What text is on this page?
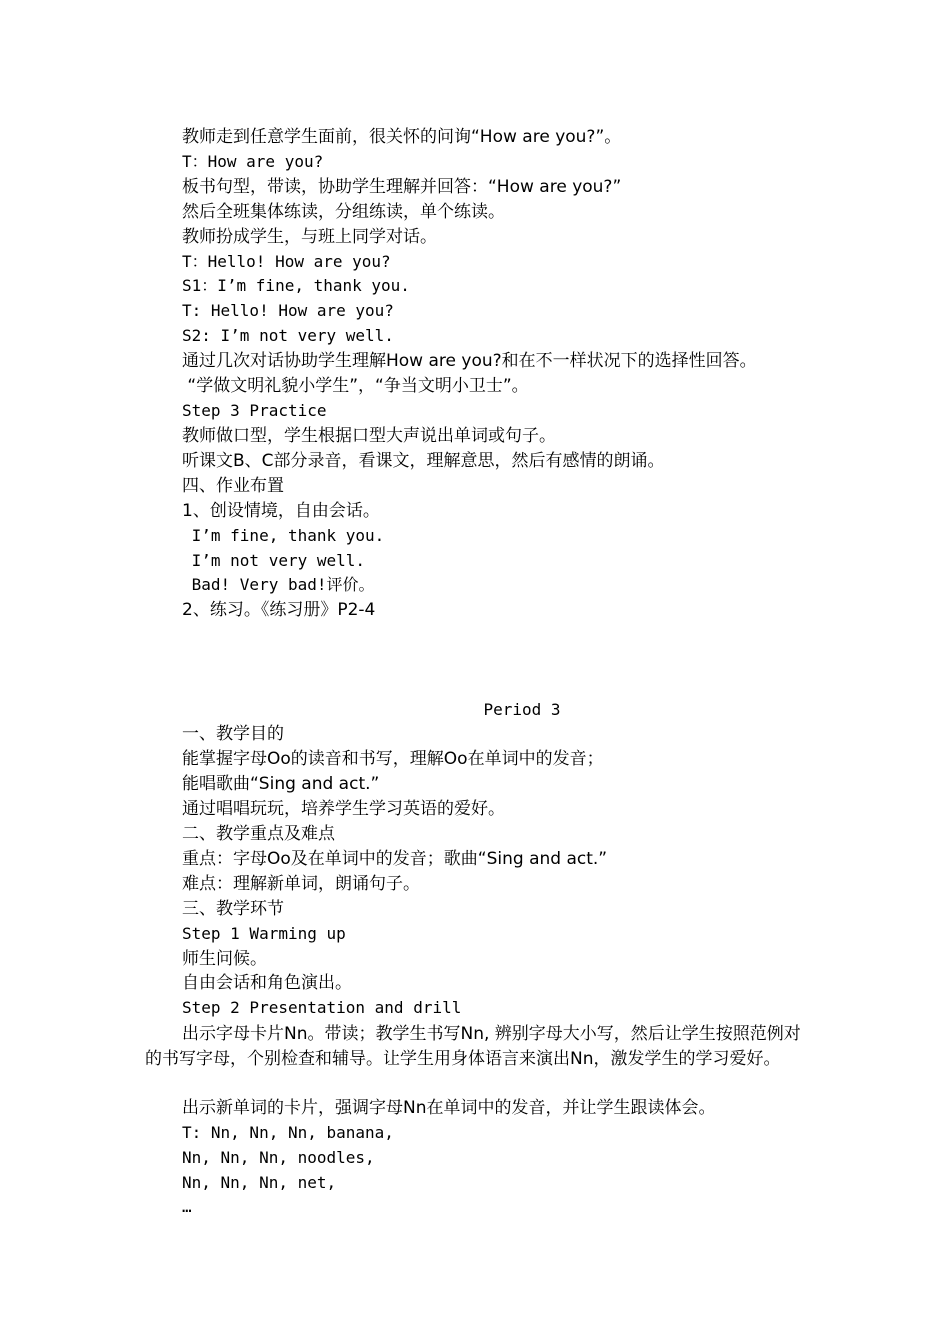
教师走到任意学生面前，很关怀的问询“How are you?”。
T：How are you?
板书句型，带读，协助学生理解并回答：“How are you?”
然后全班集体练读，分组练读，单个练读。
教师扮成学生，与班上同学对话。
T：Hello! How are you?
S1：I’m fine, thank you.
T: Hello! How are you?
S2: I’m not very well.
通过几次对话协助学生理解How are you?和在不一样状况下的选择性回答。
“学做文明礼貌小学生”，“争当文明小卫士”。
Step 3 Practice
教师做口型，学生根据口型大声说出单词或句子。
听课文B、C部分录音，看课文，理解意思，然后有感情的朗诵。
四、作业布置
1、创设情境，自由会话。
I’m fine, thank you.
I’m not very well.
Bad! Very bad!评价。
2、练习。《练习册》P2-4
Period 3
一、教学目的
能掌握字母Oo的读音和书写，理解Oo在单词中的发音；
能唱歌曲“Sing and act.”
通过唱唱玩玩，培养学生学习英语的爱好。
二、教学重点及难点
重点：字母Oo及在单词中的发音；歌曲“Sing and act.”
难点：理解新单词，朗诵句子。
三、教学环节
Step 1 Warming up
师生问候。
自由会话和角色演出。
Step 2 Presentation and drill
出示字母卡片Nn。带读；教学生书写Nn, 辨别字母大小写，然后让学生按照范例对的书写字母，个别检查和辅导。让学生用身体语言来演出Nn，激发学生的学习爱好。
出示新单词的卡片，强调字母Nn在单词中的发音，并让学生跟读体会。
T: Nn, Nn, Nn, banana,
Nn, Nn, Nn, noodles,
Nn, Nn, Nn, net,
…
